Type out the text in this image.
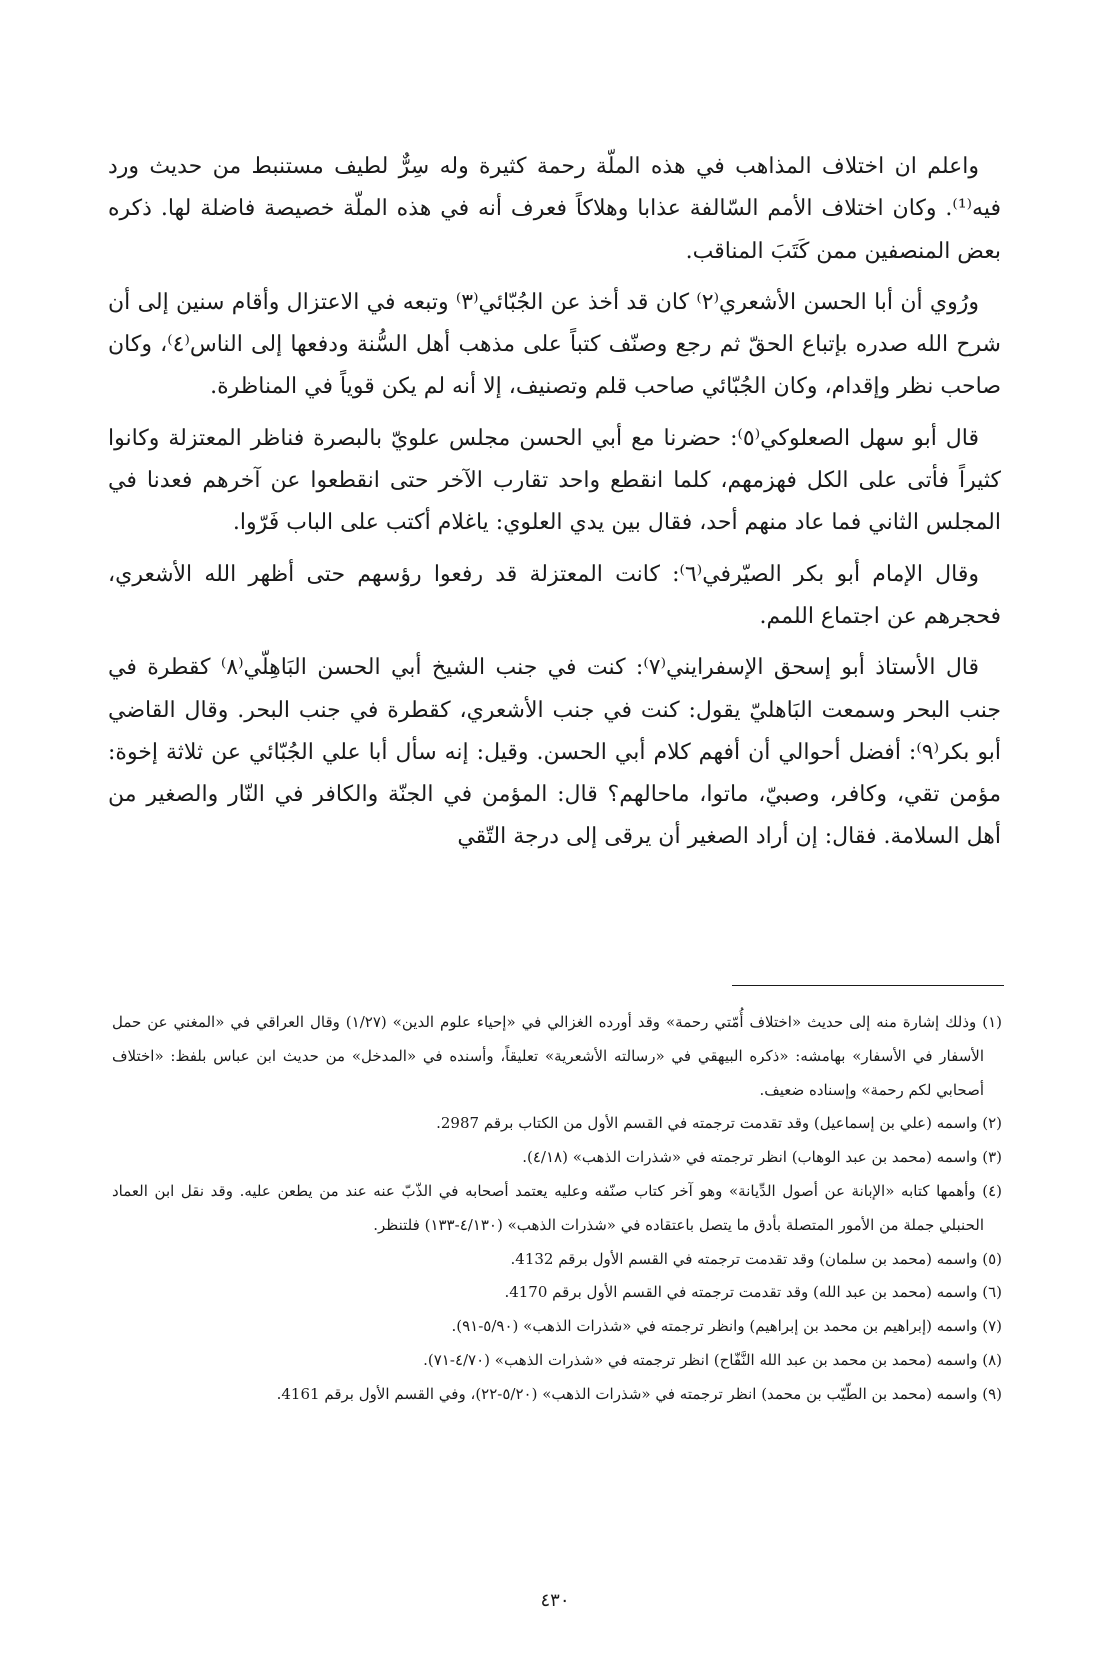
واعلم ان اختلاف المذاهب في هذه الملّة رحمة كثيرة وله سِرٌّ لطيف مستنبط من حديث ورد فيه⁽¹⁾. وكان اختلاف الأمم السّالفة عذابا وهلاكاً فعرف أنه في هذه الملّة خصيصة فاضلة لها. ذكره بعض المنصفين ممن كَتَبَ المناقب.

ورُوي أن أبا الحسن الأشعري⁽٢⁾ كان قد أخذ عن الجُبّائي⁽٣⁾ وتبعه في الاعتزال وأقام سنين إلى أن شرح الله صدره بإتباع الحقّ ثم رجع وصنّف كتباً على مذهب أهل السُّنة ودفعها إلى الناس⁽٤⁾، وكان صاحب نظر وإقدام، وكان الجُبّائي صاحب قلم وتصنيف، إلا أنه لم يكن قوياً في المناظرة.

قال أبو سهل الصعلوكي⁽٥⁾: حضرنا مع أبي الحسن مجلس علويّ بالبصرة فناظر المعتزلة وكانوا كثيراً فأتى على الكل فهزمهم، كلما انقطع واحد تقارب الآخر حتى انقطعوا عن آخرهم فعدنا في المجلس الثاني فما عاد منهم أحد، فقال بين يدي العلوي: ياغلام أكتب على الباب فَرّوا.

وقال الإمام أبو بكر الصيّرفي⁽٦⁾: كانت المعتزلة قد رفعوا رؤسهم حتى أظهر الله الأشعري، فحجرهم عن اجتماع اللمم.

قال الأستاذ أبو إسحق الإسفرايني⁽٧⁾: كنت في جنب الشيخ أبي الحسن البَاهِلّي⁽٨⁾ كقطرة في جنب البحر وسمعت البَاهليّ يقول: كنت في جنب الأشعري، كقطرة في جنب البحر. وقال القاضي أبو بكر⁽٩⁾: أفضل أحوالي أن أفهم كلام أبي الحسن. وقيل: إنه سأل أبا علي الجُبّائي عن ثلاثة إخوة: مؤمن تقي، وكافر، وصبيّ، ماتوا، ماحالهم؟ قال: المؤمن في الجنّة والكافر في النّار والصغير من أهل السلامة. فقال: إن أراد الصغير أن يرقى إلى درجة التّقي

(١) وذلك إشارة منه إلى حديث «اختلاف أُمّتي رحمة» وقد أورده الغزالي في «إحياء علوم الدين» (١/٢٧) وقال العراقي في «المغني عن حمل الأسفار في الأسفار» بهامشه: «ذكره البيهقي في «رسالته الأشعرية» تعليقاً، وأسنده في «المدخل» من حديث ابن عباس بلفظ: «اختلاف أصحابي لكم رحمة» وإسناده ضعيف.

(٢) واسمه (علي بن إسماعيل) وقد تقدمت ترجمته في القسم الأول من الكتاب برقم 2987.

(٣) واسمه (محمد بن عبد الوهاب) انظر ترجمته في «شذرات الذهب» (٤/١٨).

(٤) وأهمها كتابه «الإبانة عن أصول الدِّيانة» وهو آخر كتاب صنّفه وعليه يعتمد أصحابه في الذّبّ عنه عند من يطعن عليه. وقد نقل ابن العماد الحنبلي جملة من الأمور المتصلة بأدق ما يتصل باعتقاده في «شذرات الذهب» (٤/١٣٠-١٣٣) فلتنظر.

(٥) واسمه (محمد بن سلمان) وقد تقدمت ترجمته في القسم الأول برقم 4132.

(٦) واسمه (محمد بن عبد الله) وقد تقدمت ترجمته في القسم الأول برقم 4170.

(٧) واسمه (إبراهيم بن محمد بن إبراهيم) وانظر ترجمته في «شذرات الذهب» (٥/٩٠-٩١).

(٨) واسمه (محمد بن محمد بن عبد الله النَّفّاح) انظر ترجمته في «شذرات الذهب» (٤/٧٠-٧١).

(٩) واسمه (محمد بن الطّيّب بن محمد) انظر ترجمته في «شذرات الذهب» (٥/٢٠-٢٢)، وفي القسم الأول برقم 4161.

٤٣٠
